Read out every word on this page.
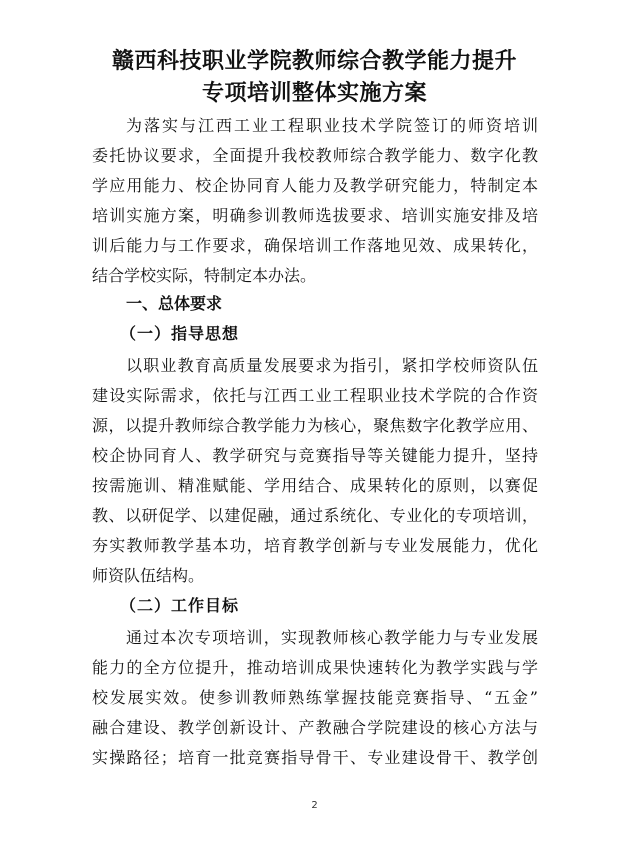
赣西科技职业学院教师综合教学能力提升
专项培训整体实施方案
为落实与江西工业工程职业技术学院签订的师资培训
委托协议要求，全面提升我校教师综合教学能力、数字化教
学应用能力、校企协同育人能力及教学研究能力，特制定本
培训实施方案，明确参训教师选拔要求、培训实施安排及培
训后能力与工作要求，确保培训工作落地见效、成果转化，
结合学校实际，特制定本办法。
一、总体要求
（一）指导思想
以职业教育高质量发展要求为指引，紧扣学校师资队伍
建设实际需求，依托与江西工业工程职业技术学院的合作资
源，以提升教师综合教学能力为核心，聚焦数字化教学应用、
校企协同育人、教学研究与竞赛指导等关键能力提升，坚持
按需施训、精准赋能、学用结合、成果转化的原则，以赛促
教、以研促学、以建促融，通过系统化、专业化的专项培训，
夯实教师教学基本功，培育教学创新与专业发展能力，优化
师资队伍结构。
（二）工作目标
通过本次专项培训，实现教师核心教学能力与专业发展
能力的全方位提升，推动培训成果快速转化为教学实践与学
校发展实效。使参训教师熟练掌握技能竞赛指导、“五金”
融合建设、教学创新设计、产教融合学院建设的核心方法与
实操路径；培育一批竞赛指导骨干、专业建设骨干、教学创
2
